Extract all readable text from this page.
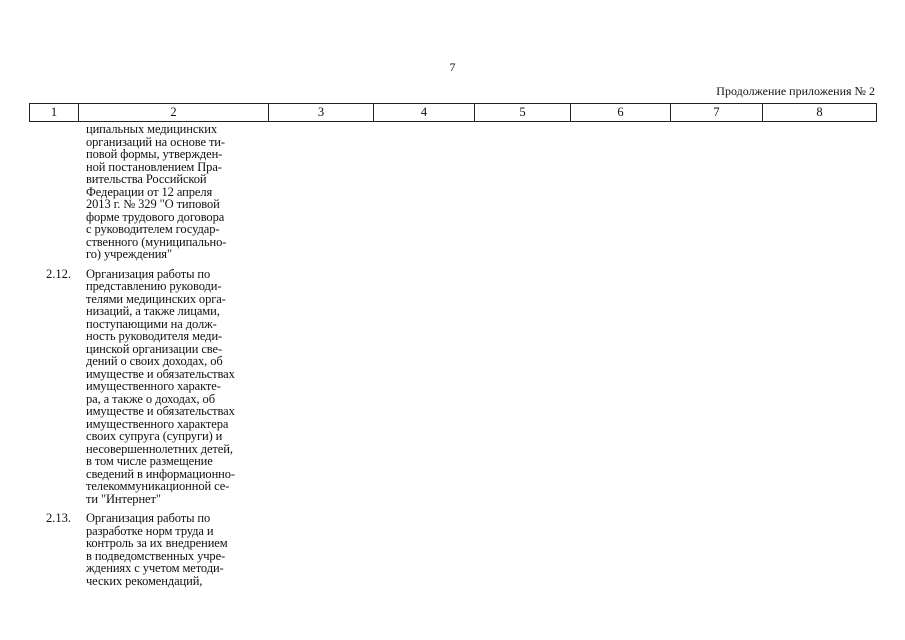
7
Продолжение приложения № 2
1	2	3	4	5	6	7	8
ципальных медицинских
организаций на основе ти-
повой формы, утвержден-
ной постановлением Пра-
вительства Российской
Федерации от 12 апреля
2013 г. № 329 "О типовой
форме трудового договора
с руководителем государ-
ственного (муниципально-
го) учреждения"
2.12.	Организация работы по
представлению руководи-
телями медицинских орга-
низаций, а также лицами,
поступающими на долж-
ность руководителя меди-
цинской организации све-
дений о своих доходах, об
имуществе и обязательствах
имущественного характе-
ра, а также о доходах, об
имуществе и обязательствах
имущественного характера
своих супруга (супруги) и
несовершеннолетних детей,
в том числе размещение
сведений в информационно-
телекоммуникационной се-
ти "Интернет"
2.13.	Организация работы по
разработке норм труда и
контроль за их внедрением
в подведомственных учре-
ждениях с учетом методи-
ческих рекомендаций,
